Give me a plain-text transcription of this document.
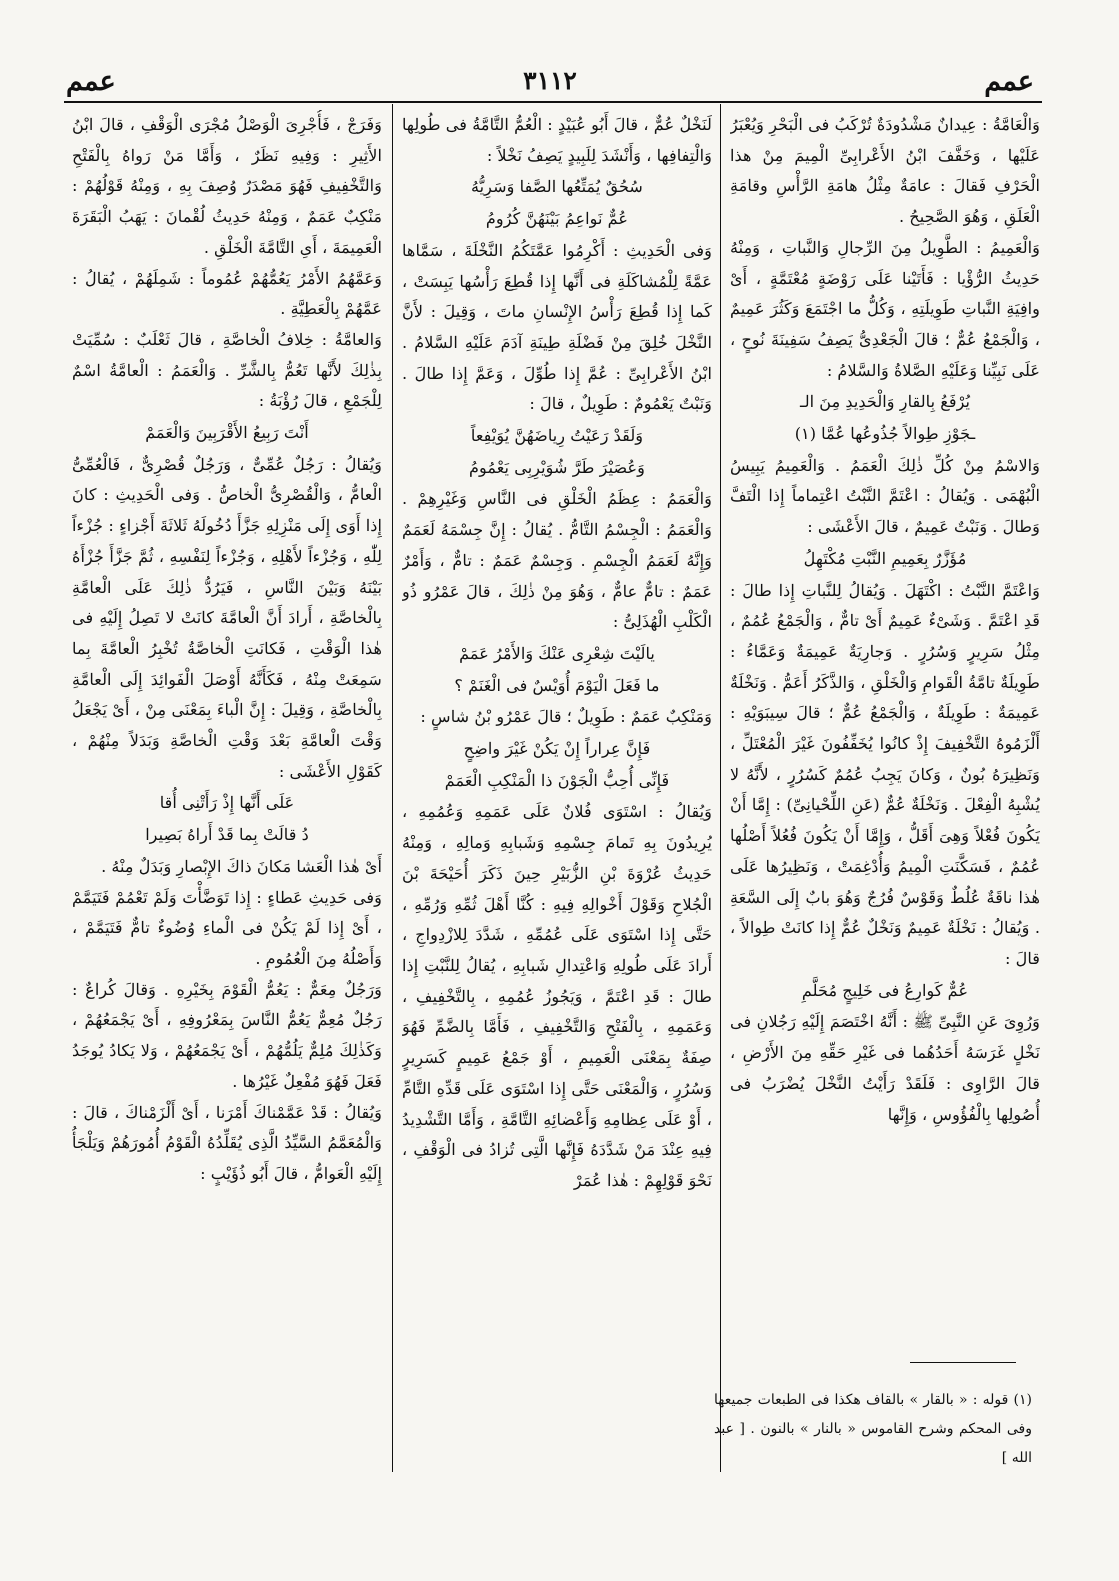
عمم	٣١١٢	عمم

وَالْعَامَّةُ : عِيدانٌ مَشْدُودَةٌ تُرْكَبُ فى الْبَحْرِ وَيُعْبَرُ عَلَيْها ، وَخَفَّفَ ابْنُ الأَعْرابِىِّ الْمِيمَ مِنْ هذا الْحَرْفِ فَقالَ : عامَةٌ مِثْلُ هامَةِ الرَّأْسِ وقامَةِ الْعَلَقِ ، وَهُوَ الصَّحِيحُ .

وَالْعَمِيمُ : الطَّوِيلُ مِنَ الرِّجالِ وَالنَّباتِ ، وَمِنْهُ حَدِيثُ الرُّؤْيا : فَأَتَيْنا عَلَى رَوْضَةٍ مُعْتَمَّةٍ ، أَىْ وافِيَةِ النَّباتِ طَوِيلَتِهِ ، وَكُلُّ ما اجْتَمَعَ وَكَثُرَ عَمِيمٌ ، وَالْجَمْعُ عُمٌّ ؛ قالَ الْجَعْدِىُّ يَصِفُ سَفِينَةَ نُوحٍ ، عَلَى نَبِيِّنا وَعَلَيْهِ الصَّلاةُ وَالسَّلامُ :

يُرْفَعُ بِالقارِ وَالْحَدِيدِ مِنَ الـ

ـجَوْزِ طِوالاً جُذُوعُها عُمَّا (١)

وَالاسْمُ مِنْ كُلِّ ذٰلِكَ الْعَمَمُ . وَالْعَمِيمُ يَبِيسُ الْبُهْمَى . وَيُقالُ : اعْتَمَّ النَّبْتُ اعْتِماماً إِذا الْتَفَّ وَطالَ . وَنَبْتٌ عَمِيمٌ ، قالَ الأَعْشَى :

مُؤَزَّرٌ بِعَمِيمِ النَّبْتِ مُكْتَهِلُ

وَاعْتَمَّ النَّبْتُ : اكْتَهَلَ . وَيُقالُ لِلنَّباتِ إِذا طالَ : قَدِ اعْتَمَّ . وَشَىْءٌ عَمِيمٌ أَىْ تامٌّ ، وَالْجَمْعُ عُمُمٌ ، مِثْلُ سَرِيرٍ وَسُرُرٍ . وَجارِيَةٌ عَمِيمَةٌ وَعَمَّاءُ : طَوِيلَةٌ تامَّةُ الْقَوامِ وَالْخَلْقِ ، وَالذَّكَرُ أَعَمُّ . وَنَخْلَةٌ عَمِيمَةٌ : طَوِيلَةٌ ، وَالْجَمْعُ عُمٌّ ؛ قالَ سِيبَوَيْهِ : أَلْزَمُوهُ التَّخْفِيفَ إِذْ كانُوا يُخَفِّفُونَ غَيْرَ الْمُعْتَلِّ ، وَنَظِيرَهُ بُونٌ ، وَكانَ يَجِبُ عُمُمٌ كَسُرُرٍ ، لأَنَّهُ لا يُشْبِهُ الْفِعْلَ . وَنَخْلَةٌ عُمٌّ (عَنِ اللِّحْيانِىِّ) : إِمَّا أَنْ يَكُونَ فُعْلاً وَهِىَ أَقَلُّ ، وَإِمَّا أَنْ يَكُونَ فُعُلاً أَصْلُها عُمُمٌ ، فَسَكَّنَتِ الْمِيمُ وَأُدْغِمَتْ ، وَنَظِيرُها عَلَى هٰذا ناقَةٌ عُلُطٌ وَقَوْسٌ فُرُجٌ وَهُوَ بابٌ إِلَى السَّعَةِ . وَيُقالُ : نَخْلَةٌ عَمِيمٌ وَنَخْلٌ عُمٌّ إِذا كانَتْ طِوالاً ، قالَ :

عُمٌّ كَوارِعُ فى خَلِيجٍ مُحَلَّمِ

وَرُوِىَ عَنِ النَّبِىِّ ﷺ : أَنَّهُ اخْتَصَمَ إِلَيْهِ رَجُلانِ فى نَخْلٍ غَرَسَهُ أَحَدُهُما فى غَيْرِ حَقِّهِ مِنَ الأَرْضِ ، قالَ الرَّاوِى : فَلَقَدْ رَأَيْتُ النَّخْلَ يُضْرَبُ فى أُصُولِها بِالْفُؤُوسِ ، وَإِنَّها

لَنَخْلٌ عُمٌّ ، قالَ أَبُو عُبَيْدٍ : الْعُمُّ التَّامَّةُ فى طُولِها وَالْتِفافِها ، وَأَنْشَدَ لِلَبِيدٍ يَصِفُ نَخْلاً :

سُحُقٌ يُمَتِّعُها الصَّفا وَسَرِيُّهُ

عُمٌّ نَواعِمُ بَيْنَهُنَّ كُرُومُ

وَفى الْحَدِيثِ : أَكْرِمُوا عَمَّتَكُمُ النَّخْلَةَ ، سَمَّاها عَمَّةً لِلْمُشاكَلَةِ فى أَنَّها إِذا قُطِعَ رَأْسُها يَبِسَتْ ، كَما إِذا قُطِعَ رَأْسُ الإِنْسانِ ماتَ ، وَقِيلَ : لأَنَّ النَّخْلَ خُلِقَ مِنْ فَضْلَةِ طِينَةِ آدَمَ عَلَيْهِ السَّلامُ . ابْنُ الأَعْرابِىِّ : عُمَّ إِذا طُوِّلَ ، وَعَمَّ إِذا طالَ . وَنَبْتٌ يَعْمُومٌ : طَوِيلٌ ، قالَ :

وَلَقَدْ رَعَيْتُ رِياضَهُنَّ يُوَيْفِعاً

وَعُصَيْرَ طَرَّ شُوَيْرِبِى يَعْمُومُ

وَالْعَمَمُ : عِظَمُ الْخَلْقِ فى النَّاسِ وَغَيْرِهِمْ . وَالْعَمَمُ : الْجِسْمُ التَّامُّ . يُقالُ : إِنَّ جِسْمَهُ لَعَمَمٌ وَإِنَّهُ لَعَمَمُ الْجِسْمِ . وَجِسْمٌ عَمَمٌ : تامٌّ ، وَأَمْرٌ عَمَمٌ : تامٌّ عامٌّ ، وَهُوَ مِنْ ذٰلِكَ ، قالَ عَمْرُو ذُو الْكَلْبِ الْهُذَلِىُّ :

يالَيْتَ شِعْرِى عَنْكَ وَالأَمْرُ عَمَمْ

ما فَعَلَ الْيَوْمَ أُوَيْسٌ فى الْغَنَمْ ؟

وَمَنْكِبٌ عَمَمٌ : طَوِيلٌ ؛ قالَ عَمْرُو بْنُ شاسٍ :

فَإِنَّ عِراراً إِنْ يَكُنْ غَيْرَ واضِحٍ

فَإِنِّى أُحِبُّ الْجَوْنَ ذا الْمَنْكِبِ الْعَمَمْ

وَيُقالُ : اسْتَوَى فُلانٌ عَلَى عَمَمِهِ وَعُمُمِهِ ، يُرِيدُونَ بِهِ تَمامَ جِسْمِهِ وَشَبابِهِ وَمالِهِ ، وَمِنْهُ حَدِيثُ عُرْوَةَ بْنِ الزُّبَيْرِ حِينَ ذَكَرَ أُحَيْحَةَ بْنَ الْجُلاحِ وَقَوْلَ أَخْوالِهِ فِيهِ : كُنَّا أَهْلَ ثُمِّهِ وَرُمِّهِ ، حَتَّى إِذا اسْتَوَى عَلَى عُمُمِّهِ ، شَدَّدَ لِلازْدِواجِ ، أَرادَ عَلَى طُولِهِ وَاعْتِدالِ شَبابِهِ ، يُقالُ لِلنَّبْتِ إِذا طالَ : قَدِ اعْتَمَّ ، وَيَجُوزُ عُمُمِهِ ، بِالتَّخْفِيفِ ، وَعَمَمِهِ ، بِالْفَتْحِ وَالتَّخْفِيفِ ، فَأَمَّا بِالضَّمِّ فَهُوَ صِفَةٌ بِمَعْنَى الْعَمِيمِ ، أَوْ جَمْعُ عَمِيمٍ كَسَرِيرٍ وَسُرُرٍ ، وَالْمَعْنَى حَتَّى إِذا اسْتَوَى عَلَى قَدِّهِ التَّامِّ ، أَوْ عَلَى عِظامِهِ وَأَعْضائِهِ التَّامَّةِ ، وَأَمَّا التَّشْدِيدُ فِيهِ عِنْدَ مَنْ شَدَّدَهُ فَإِنَّها الَّتِى تُزادُ فى الْوَقْفِ ، نَحْوَ قَوْلِهِمْ : هٰذا عُمَرْ

وَفَرَجْ ، فَأُجْرِىَ الْوَصْلُ مُجْرَى الْوَقْفِ ، قالَ ابْنُ الأَثِيرِ : وَفِيهِ نَظَرٌ ، وَأَمَّا مَنْ رَواهُ بِالْفَتْحِ وَالتَّخْفِيفِ فَهُوَ مَصْدَرٌ وُصِفَ بِهِ ، وَمِنْهُ قَوْلُهُمْ : مَنْكِبٌ عَمَمٌ ، وَمِنْهُ حَدِيثُ لُقْمانَ : يَهَبُ الْبَقَرَةَ الْعَمِيمَةَ ، أَىِ التَّامَّةَ الْخَلْقِ .

وَعَمَّهُمُ الأَمْرُ يَعُمُّهُمْ عُمُوماً : شَمِلَهُمْ ، يُقالُ : عَمَّهُمْ بِالْعَطِيَّةِ .

وَالعامَّةُ : خِلافُ الْخاصَّةِ ، قالَ ثَعْلَبٌ : سُمِّيَتْ بِذٰلِكَ لأَنَّها تَعُمُّ بِالشَّرِّ . وَالْعَمَمُ : الْعامَّةُ اسْمٌ لِلْجَمْعِ ، قالَ رُؤْبَةُ :

أَنْتَ رَبِيعُ الأَقْرَبِينَ وَالْعَمَمْ

وَيُقالُ : رَجُلٌ عُمِّىٌّ ، وَرَجُلٌ قُصْرِىٌّ ، فَالْعُمِّىُّ الْعامُّ ، وَالْقُصْرِىُّ الْخاصُّ . وَفى الْحَدِيثِ : كانَ إِذا أَوَى إِلَى مَنْزِلِهِ جَزَّأَ دُخُولَهُ ثَلاثَةَ أَجْزاءٍ : جُزْءاً لِلّٰهِ ، وَجُزْءاً لأَهْلِهِ ، وَجُزْءاً لِنَفْسِهِ ، ثُمَّ جَزَّأَ جُزْأَهُ بَيْنَهُ وَبَيْنَ النَّاسِ ، فَيَرُدُّ ذٰلِكَ عَلَى الْعامَّةِ بِالْخاصَّةِ ، أَرادَ أَنَّ الْعامَّةَ كانَتْ لا تَصِلُ إِلَيْهِ فى هٰذا الْوَقْتِ ، فَكانَتِ الْخاصَّةُ تُخْبِرُ الْعامَّةَ بِما سَمِعَتْ مِنْهُ ، فَكَأَنَّهُ أَوْصَلَ الْفَوائِدَ إِلَى الْعامَّةِ بِالْخاصَّةِ ، وَقِيلَ : إِنَّ الْباءَ بِمَعْنَى مِنْ ، أَىْ يَجْعَلُ وَقْتَ الْعامَّةِ بَعْدَ وَقْتِ الْخاصَّةِ وَبَدَلاً مِنْهُمْ ، كَقَوْلِ الأَعْشَى :

عَلَى أَنَّها إِذْ رَأَتْنِى أُقا

دُ قالَتْ بِما قَدْ أَراهُ بَصِيرا

أَىْ هٰذا الْعَشا مَكانَ ذاكَ الإِبْصارِ وَبَدَلٌ مِنْهُ .

وَفى حَدِيثِ عَطاءٍ : إِذا تَوَضَّأْتَ وَلَمْ تَعْمُمْ فَتَيَمَّمْ ، أَىْ إِذا لَمْ يَكُنْ فى الْماءِ وُضُوءٌ تامٌّ فَتَيَمَّمْ ، وَأَصْلُهُ مِنَ الْعُمُومِ .

وَرَجُلٌ مِعَمٌّ : يَعُمُّ الْقَوْمَ بِخَيْرِهِ . وَقالَ كُراعٌ : رَجُلٌ مُعِمٌّ يَعُمُّ النَّاسَ بِمَعْرُوفِهِ ، أَىْ يَجْمَعُهُمْ ، وَكَذٰلِكَ مُلِمٌّ يَلُمُّهُمْ ، أَىْ يَجْمَعُهُمْ ، وَلا يَكادُ يُوجَدُ فَعَلَ فَهُوَ مُفْعِلٌ غَيْرُها .

وَيُقالُ : قَدْ عَمَّمْناكَ أَمْرَنا ، أَىْ أَلْزَمْناكَ ، قالَ : وَالْمُعَمَّمُ السَّيِّدُ الَّذِى يُقَلِّدُهُ الْقَوْمُ أُمُورَهُمْ وَيَلْجَأُ إِلَيْهِ الْعَوامُّ ، قالَ أَبُو ذُؤَيْبٍ :

(١) قوله : « بالقار » بالقاف هكذا فى الطبعات جميعها وفى المحكم وشرح القاموس « بالنار » بالنون . [ عبد الله ]
